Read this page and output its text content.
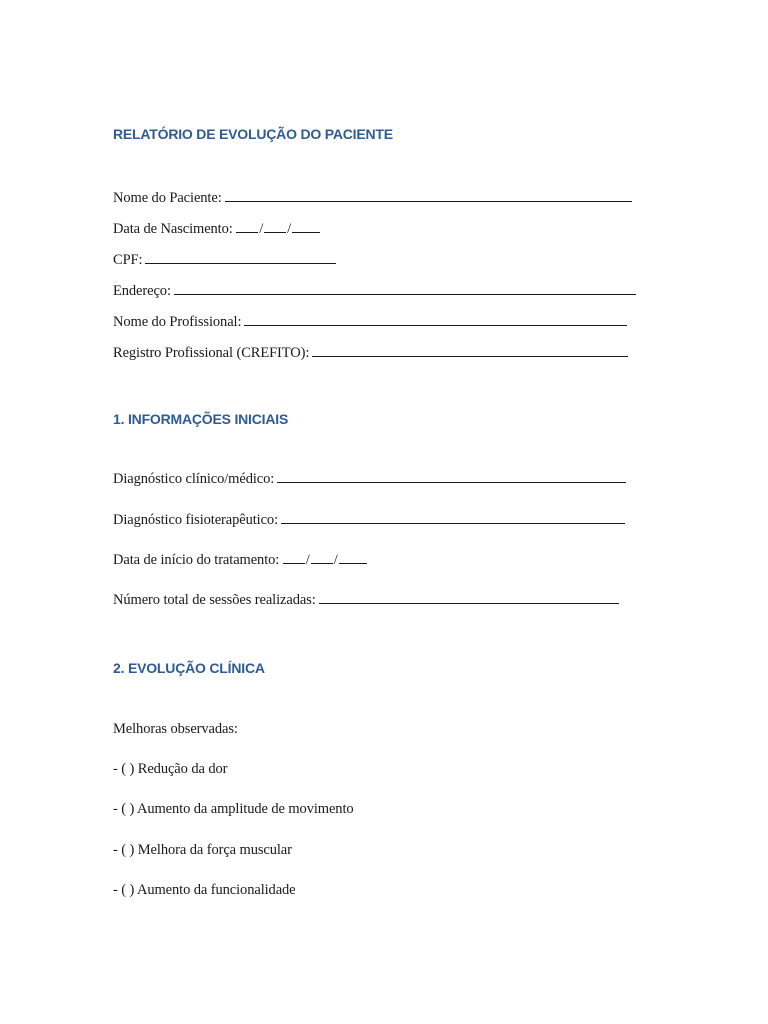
RELATÓRIO DE EVOLUÇÃO DO PACIENTE
Nome do Paciente:
Data de Nascimento: / /
CPF:
Endereço:
Nome do Profissional:
Registro Profissional (CREFITO):
1. INFORMAÇÕES INICIAIS
Diagnóstico clínico/médico:
Diagnóstico fisioterapêutico:
Data de início do tratamento: / /
Número total de sessões realizadas:
2. EVOLUÇÃO CLÍNICA
Melhoras observadas:
- ( ) Redução da dor
- ( ) Aumento da amplitude de movimento
- ( ) Melhora da força muscular
- ( ) Aumento da funcionalidade
